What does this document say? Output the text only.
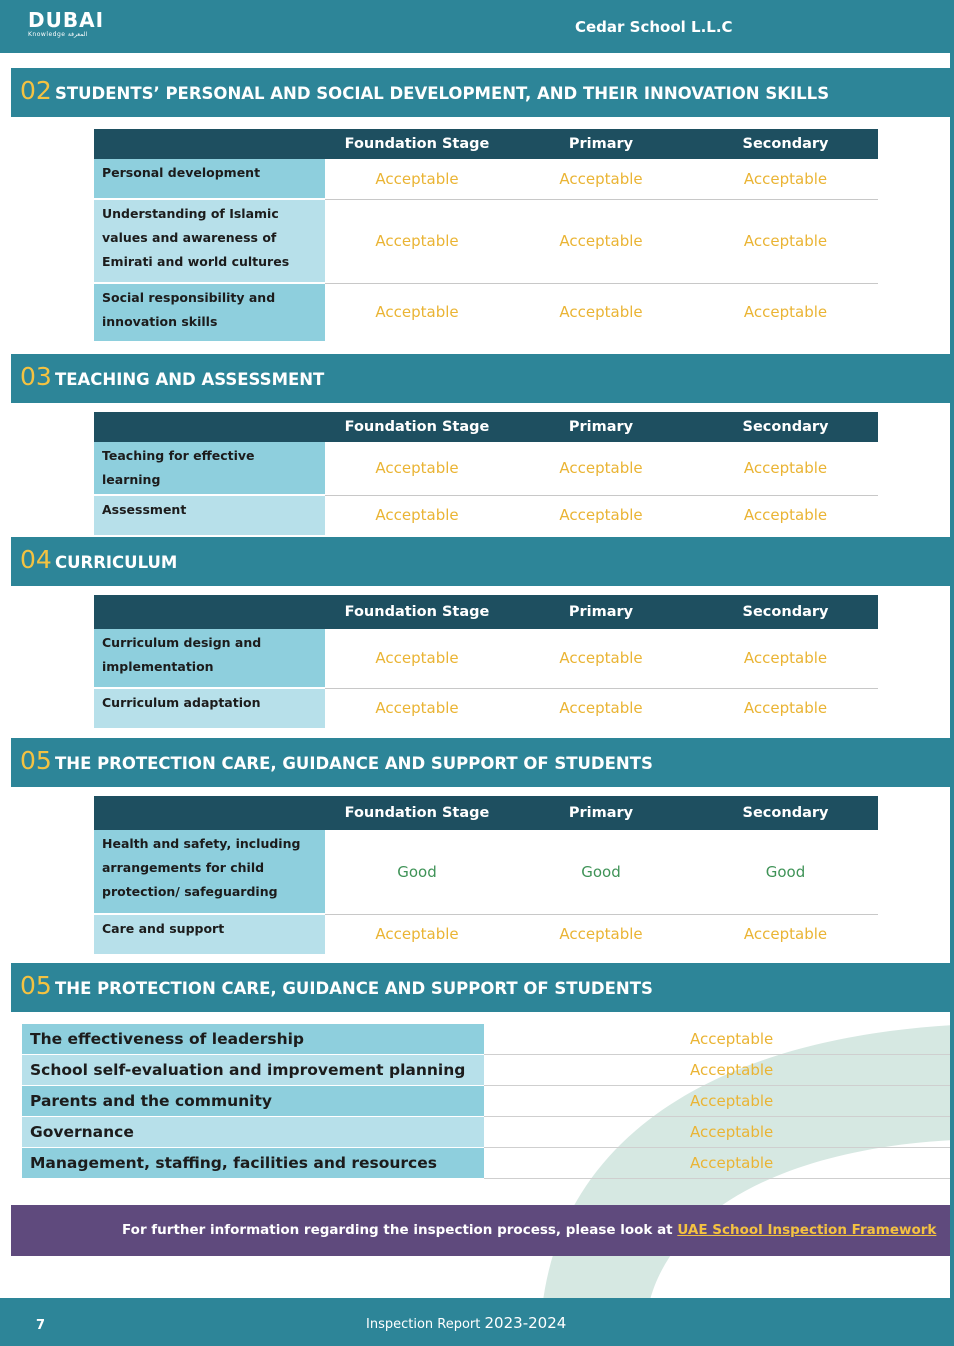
DUBAI
Knowledge المعرفة	Cedar School L.L.C
02 STUDENTS’ PERSONAL AND SOCIAL DEVELOPMENT, AND THEIR INNOVATION SKILLS
	Foundation Stage	Primary	Secondary
Personal development	Acceptable	Acceptable	Acceptable
Understanding of Islamic values and awareness of Emirati and world cultures	Acceptable	Acceptable	Acceptable
Social responsibility and innovation skills	Acceptable	Acceptable	Acceptable
03 TEACHING AND ASSESSMENT
	Foundation Stage	Primary	Secondary
Teaching for effective learning	Acceptable	Acceptable	Acceptable
Assessment	Acceptable	Acceptable	Acceptable
04 CURRICULUM
	Foundation Stage	Primary	Secondary
Curriculum design and implementation	Acceptable	Acceptable	Acceptable
Curriculum adaptation	Acceptable	Acceptable	Acceptable
05 THE PROTECTION CARE, GUIDANCE AND SUPPORT OF STUDENTS
	Foundation Stage	Primary	Secondary
Health and safety, including arrangements for child protection/ safeguarding	Good	Good	Good
Care and support	Acceptable	Acceptable	Acceptable
05 THE PROTECTION CARE, GUIDANCE AND SUPPORT OF STUDENTS
The effectiveness of leadership	Acceptable
School self-evaluation and improvement planning	Acceptable
Parents and the community	Acceptable
Governance	Acceptable
Management, staffing, facilities and resources	Acceptable
For further information regarding the inspection process, please look at UAE School Inspection Framework
7	Inspection Report 2023-2024
